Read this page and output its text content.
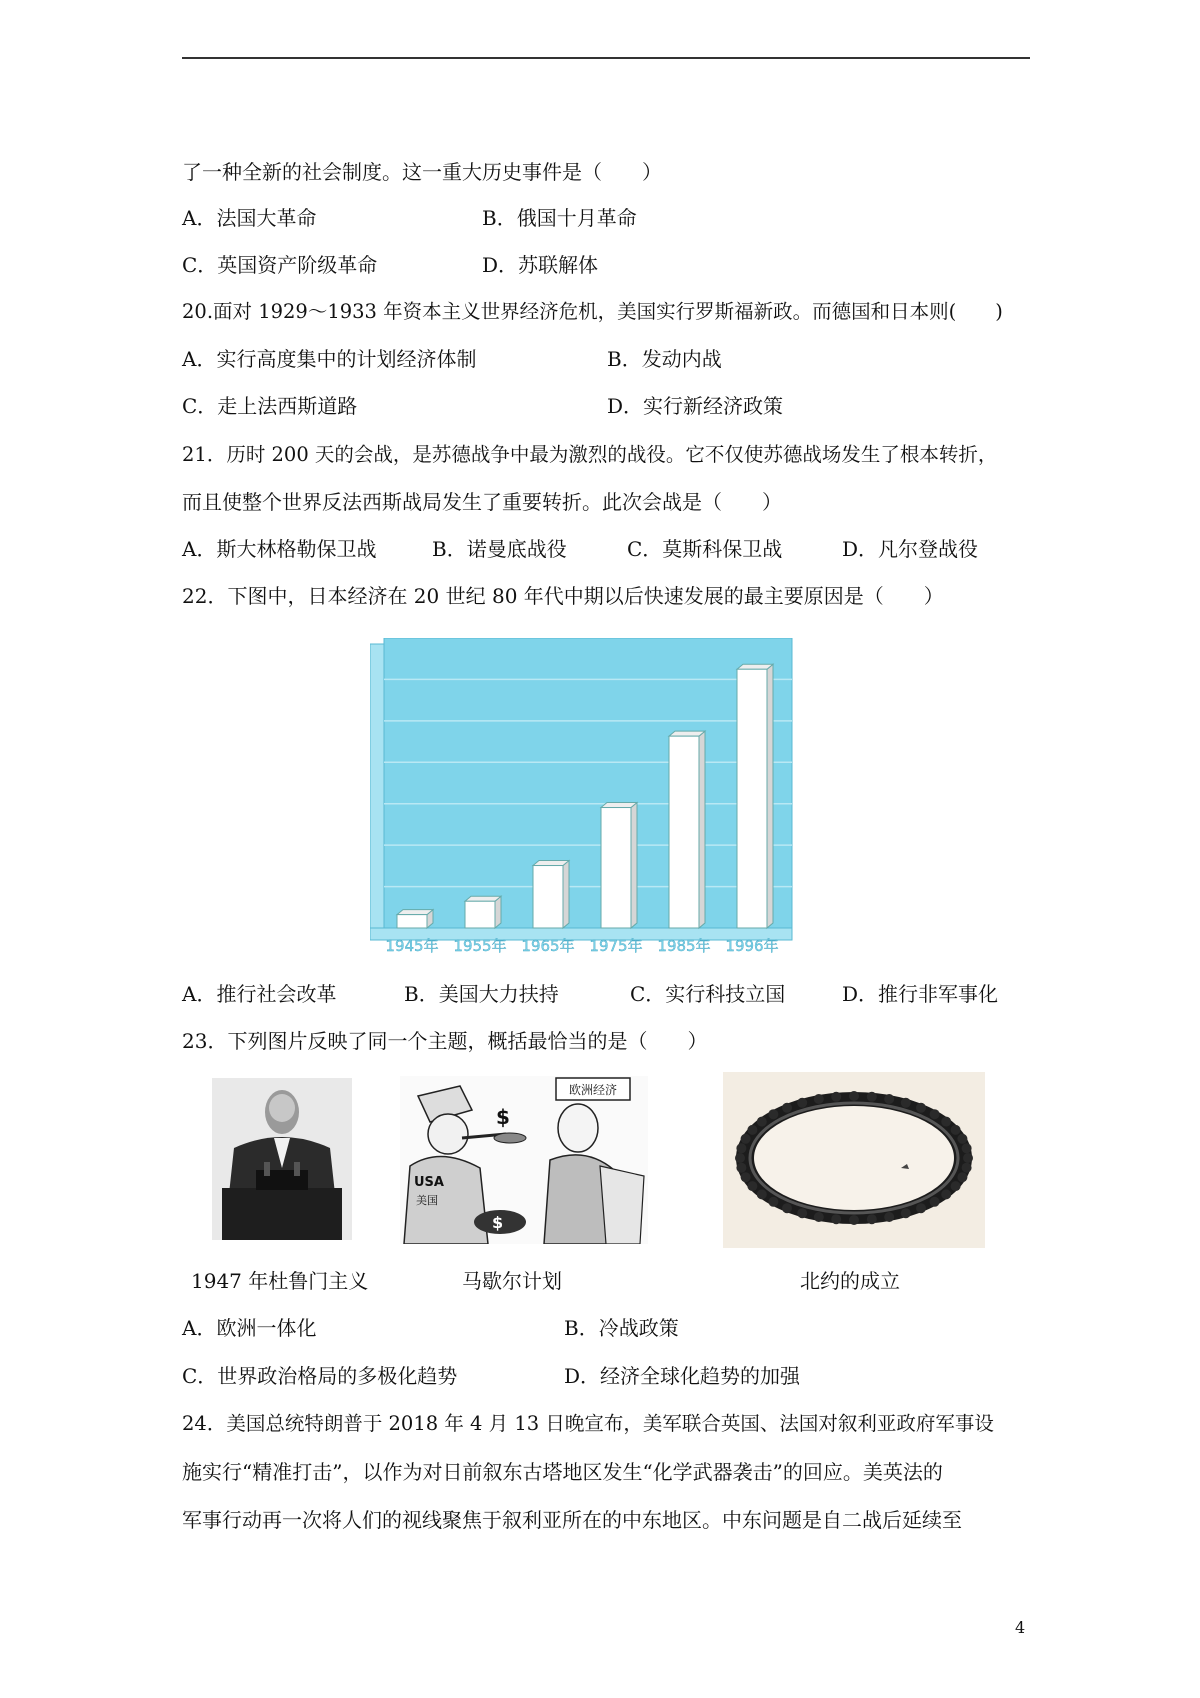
了一种全新的社会制度。这一重大历史事件是（　　）
A．法国大革命	B．俄国十月革命
C．英国资产阶级革命	D．苏联解体
20.面对 1929～1933 年资本主义世界经济危机，美国实行罗斯福新政。而德国和日本则(　　)
A．实行高度集中的计划经济体制	B．发动内战
C．走上法西斯道路	D．实行新经济政策
21．历时 200 天的会战，是苏德战争中最为激烈的战役。它不仅使苏德战场发生了根本转折，
而且使整个世界反法西斯战局发生了重要转折。此次会战是（　　）
A．斯大林格勒保卫战	B．诺曼底战役	C．莫斯科保卫战	D．凡尔登战役
22．下图中，日本经济在 20 世纪 80 年代中期以后快速发展的最主要原因是（　　）
1945年 1955年 1965年 1975年 1985年 1996年
A．推行社会改革	B．美国大力扶持	C．实行科技立国	D．推行非军事化
23．下列图片反映了同一个主题，概括最恰当的是（　　）
1947 年杜鲁门主义
欧洲经济
USA
美国
$
$
马歇尔计划	北约的成立
A．欧洲一体化	B．冷战政策
C．世界政治格局的多极化趋势	D．经济全球化趋势的加强
24．美国总统特朗普于 2018 年 4 月 13 日晚宣布，美军联合英国、法国对叙利亚政府军事设
施实行“精准打击”，以作为对日前叙东古塔地区发生“化学武器袭击”的回应。美英法的
军事行动再一次将人们的视线聚焦于叙利亚所在的中东地区。中东问题是自二战后延续至
4
